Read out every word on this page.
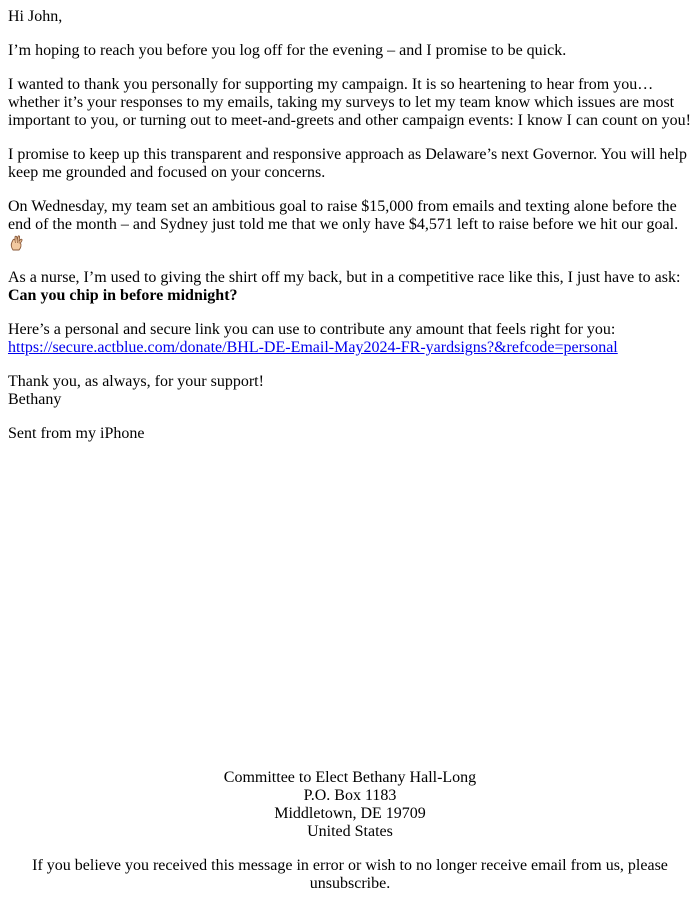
Hi John,

I’m hoping to reach you before you log off for the evening – and I promise to be quick.

I wanted to thank you personally for supporting my campaign. It is so heartening to hear from you… whether it’s your responses to my emails, taking my surveys to let my team know which issues are most important to you, or turning out to meet-and-greets and other campaign events: I know I can count on you!

I promise to keep up this transparent and responsive approach as Delaware’s next Governor. You will help keep me grounded and focused on your concerns.

On Wednesday, my team set an ambitious goal to raise $15,000 from emails and texting alone before the end of the month – and Sydney just told me that we only have $4,571 left to raise before we hit our goal.

As a nurse, I’m used to giving the shirt off my back, but in a competitive race like this, I just have to ask:
Can you chip in before midnight?

Here’s a personal and secure link you can use to contribute any amount that feels right for you:
https://secure.actblue.com/donate/BHL-DE-Email-May2024-FR-yardsigns?&refcode=personal

Thank you, as always, for your support!
Bethany

Sent from my iPhone

Committee to Elect Bethany Hall-Long
P.O. Box 1183
Middletown, DE 19709
United States
If you believe you received this message in error or wish to no longer receive email from us, please unsubscribe.
